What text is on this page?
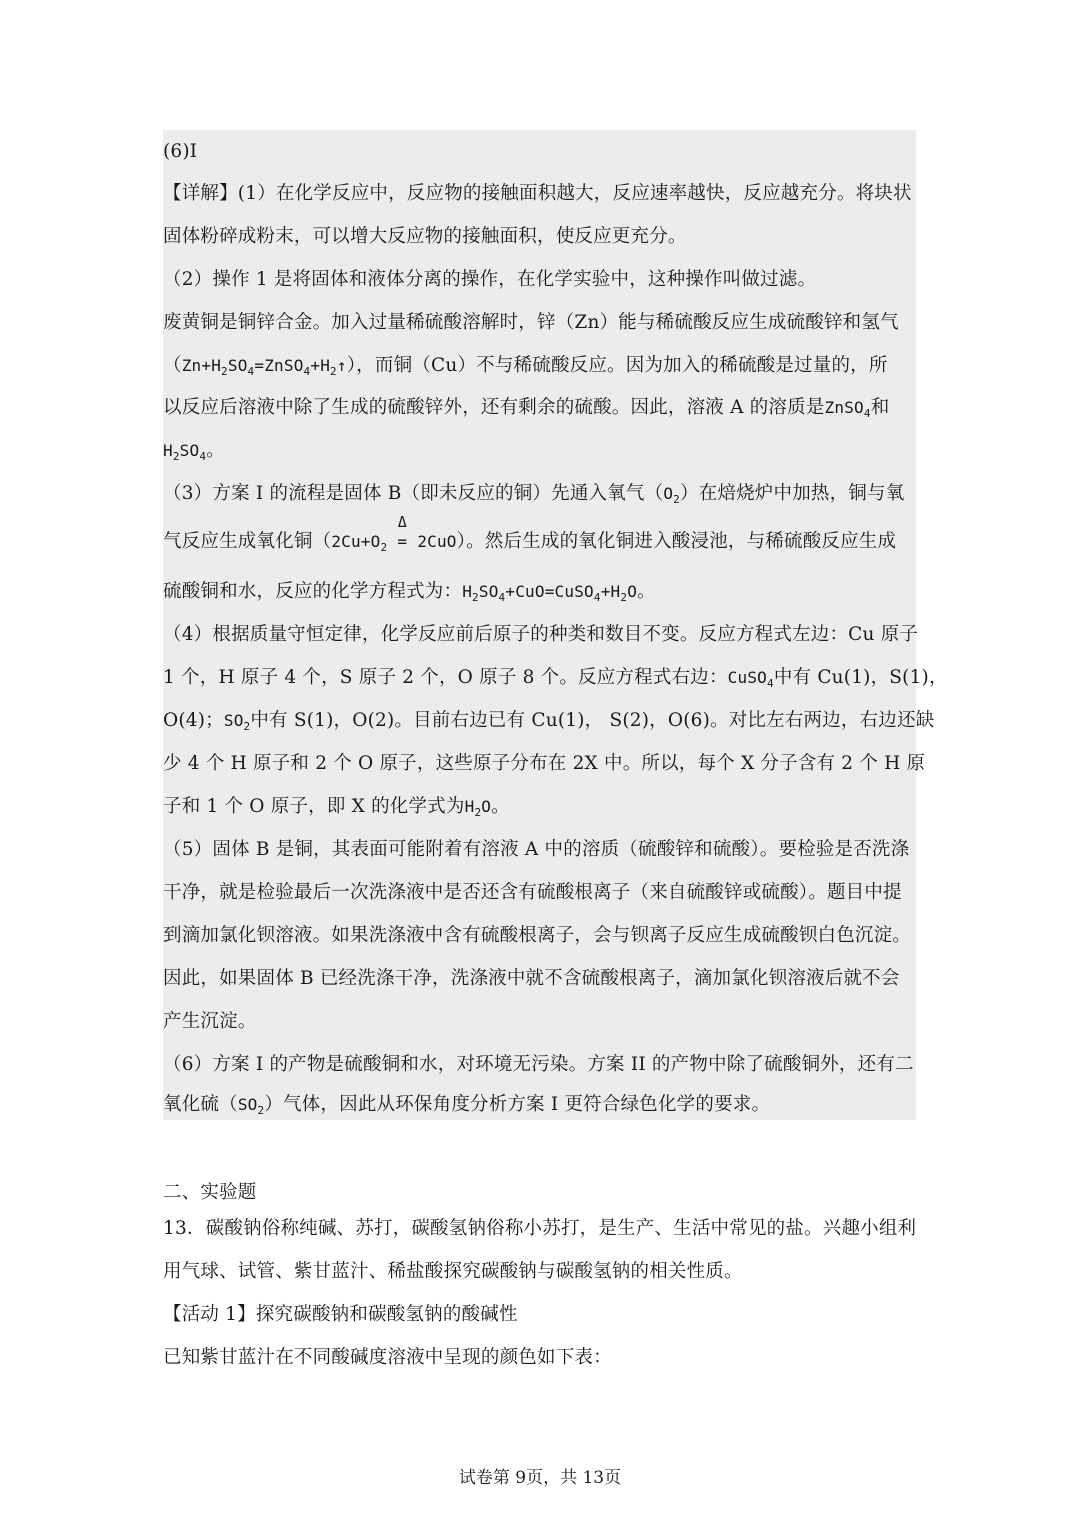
(6)I
【详解】(1）在化学反应中，反应物的接触面积越大，反应速率越快，反应越充分。将块状
固体粉碎成粉末，可以增大反应物的接触面积，使反应更充分。
（2）操作 1 是将固体和液体分离的操作，在化学实验中，这种操作叫做过滤。
废黄铜是铜锌合金。加入过量稀硫酸溶解时，锌（Zn）能与稀硫酸反应生成硫酸锌和氢气
$(Zn+H_2SO_4=ZnSO_4+H_2↑)$，而铜（Cu）不与稀硫酸反应。因为加入的稀硫酸是过量的，所
以反应后溶液中除了生成的硫酸锌外，还有剩余的硫酸。因此，溶液 A 的溶质是ZnSO$_4$和
$H_2SO_4$。
（3）方案 I 的流程是固体 B（即未反应的铜）先通入氧气$(O_2)$在焙烧炉中加热，铜与氧
气反应生成氧化铜（$2Cu+O_2$
Δ
= 2CuO）。然后生成的氧化铜进入酸浸池，与稀硫酸反应生成
硫酸铜和水，反应的化学方程式为：$H_2SO_4+CuO=CuSO_4+H_2O$。
（4）根据质量守恒定律，化学反应前后原子的种类和数目不变。反应方程式左边：Cu 原子
1 个，H 原子 4 个，S 原子 2 个，O 原子 8 个。反应方程式右边：CuSO$_4$中有 Cu(1)，S(1)，
O(4)；$SO_2$中有 S(1)，O(2)。目前右边已有 Cu(1)， S(2)，O(6)。对比左右两边，右边还缺
少 4 个 H 原子和 2 个 O 原子，这些原子分布在 2X 中。所以，每个 X 分子含有 2 个 H 原
子和 1 个 O 原子，即 X 的化学式为$H_2O$。
（5）固体 B 是铜，其表面可能附着有溶液 A 中的溶质（硫酸锌和硫酸）。要检验是否洗涤
干净，就是检验最后一次洗涤液中是否还含有硫酸根离子（来自硫酸锌或硫酸）。题目中提
到滴加氯化钡溶液。如果洗涤液中含有硫酸根离子，会与钡离子反应生成硫酸钡白色沉淀。
因此，如果固体 B 已经洗涤干净，洗涤液中就不含硫酸根离子，滴加氯化钡溶液后就不会
产生沉淀。
（6）方案 I 的产物是硫酸铜和水，对环境无污染。方案 II 的产物中除了硫酸铜外，还有二
氧化硫$(SO_2)$气体，因此从环保角度分析方案 I 更符合绿色化学的要求。
二、实验题
13．碳酸钠俗称纯碱、苏打，碳酸氢钠俗称小苏打，是生产、生活中常见的盐。兴趣小组利
用气球、试管、紫甘蓝汁、稀盐酸探究碳酸钠与碳酸氢钠的相关性质。
【活动 1】探究碳酸钠和碳酸氢钠的酸碱性
已知紫甘蓝汁在不同酸碱度溶液中呈现的颜色如下表：
试卷第 9页，共 13页
